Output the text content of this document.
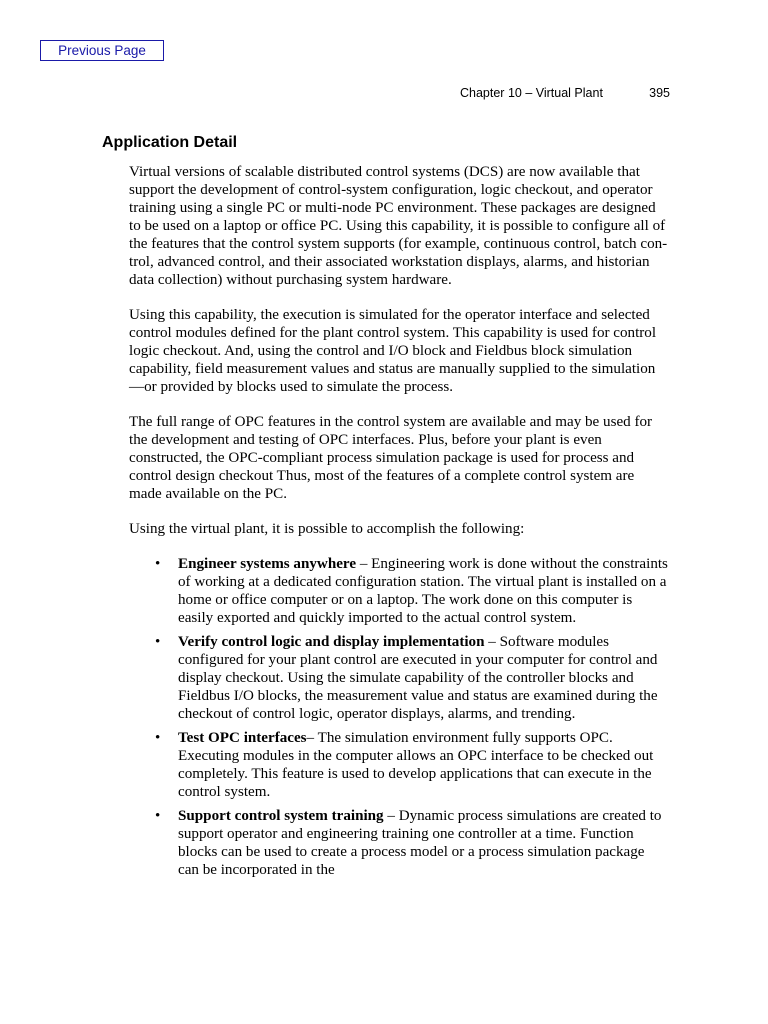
Previous Page
Chapter 10 – Virtual Plant	395
Application Detail

Virtual versions of scalable distributed control systems (DCS) are now available that support the development of control-system configuration, logic checkout, and operator training using a single PC or multi-node PC environment. These packages are designed to be used on a laptop or office PC. Using this capability, it is possible to configure all of the features that the control system supports (for example, continuous control, batch con-trol, advanced control, and their associated workstation displays, alarms, and historian data collection) without purchasing system hardware.

Using this capability, the execution is simulated for the operator interface and selected control modules defined for the plant control system. This capability is used for control logic checkout. And, using the control and I/O block and Fieldbus block simulation capability, field measurement values and status are manually supplied to the simulation—or provided by blocks used to simulate the process.

The full range of OPC features in the control system are available and may be used for the development and testing of OPC interfaces. Plus, before your plant is even constructed, the OPC-compliant process simulation package is used for process and control design checkout Thus, most of the features of a complete control system are made available on the PC.

Using the virtual plant, it is possible to accomplish the following:

• Engineer systems anywhere – Engineering work is done without the constraints of working at a dedicated configuration station. The virtual plant is installed on a home or office computer or on a laptop. The work done on this computer is easily exported and quickly imported to the actual control system.
• Verify control logic and display implementation – Software modules configured for your plant control are executed in your computer for control and display checkout. Using the simulate capability of the controller blocks and Fieldbus I/O blocks, the measurement value and status are examined during the checkout of control logic, operator displays, alarms, and trending.
• Test OPC interfaces– The simulation environment fully supports OPC. Executing modules in the computer allows an OPC interface to be checked out completely. This feature is used to develop applications that can execute in the control system.
• Support control system training – Dynamic process simulations are created to support operator and engineering training one controller at a time. Function blocks can be used to create a process model or a process simulation package can be incorporated in the
